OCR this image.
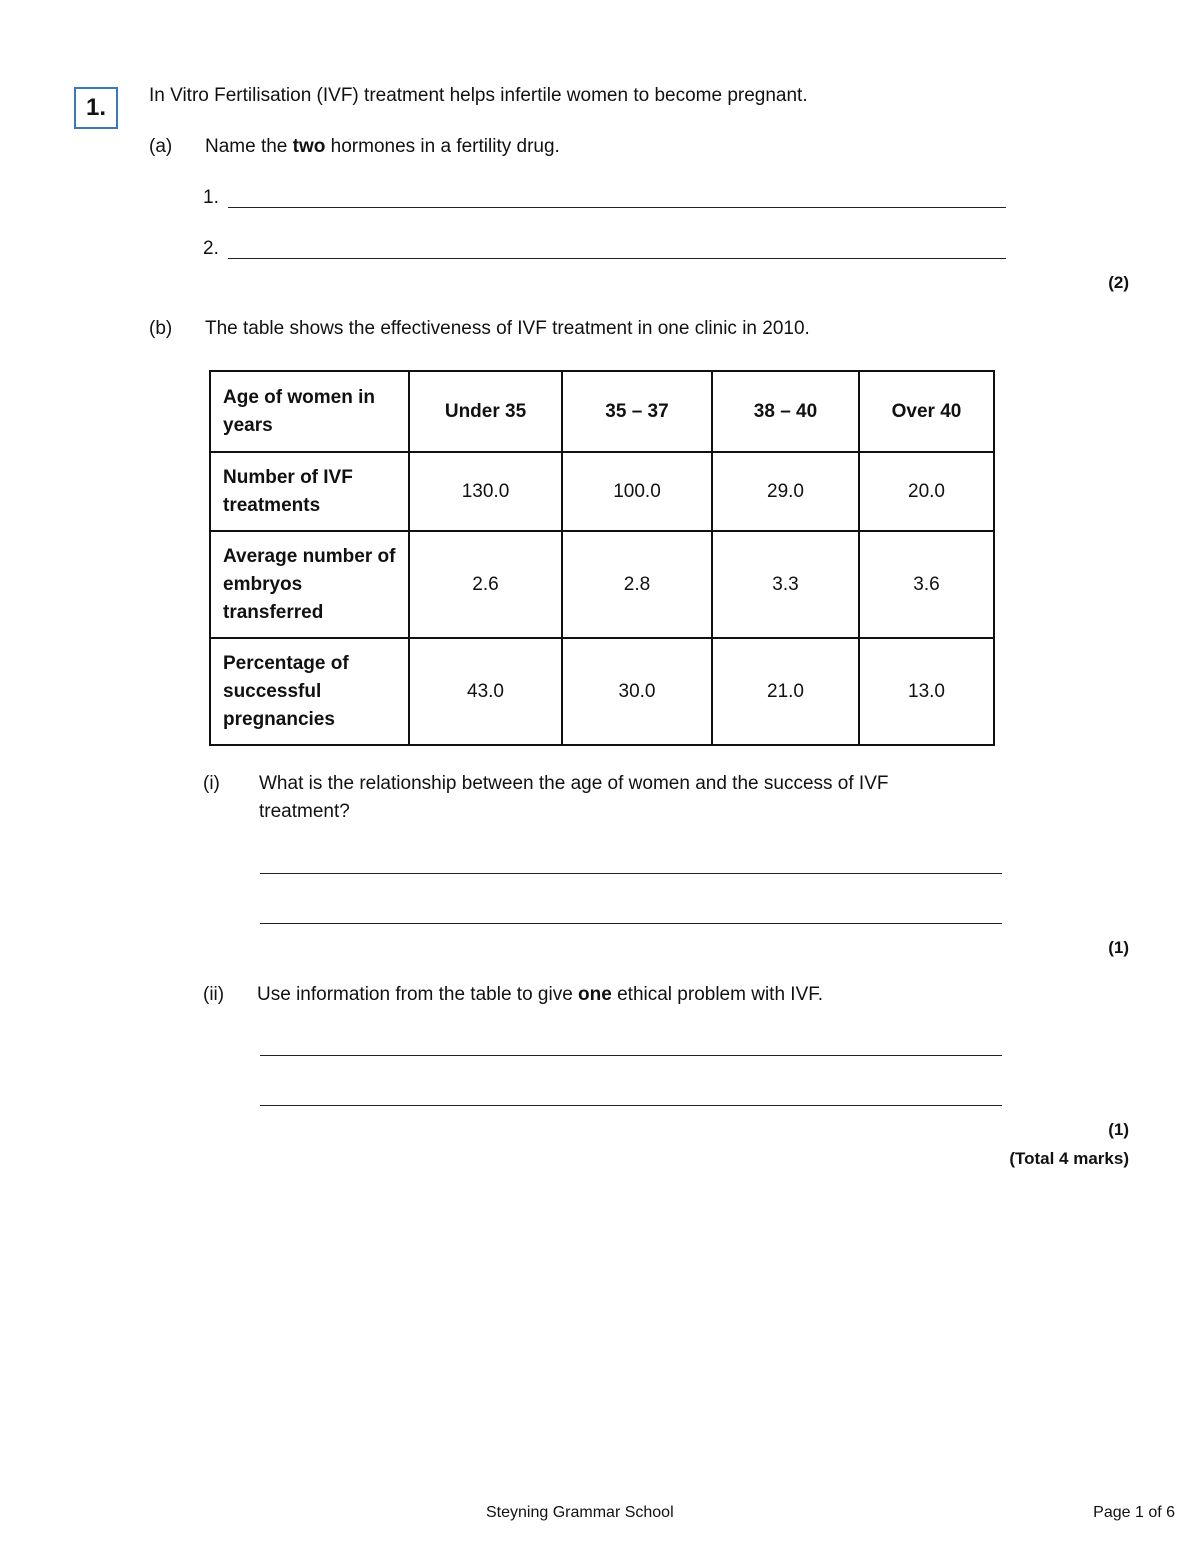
1.	In Vitro Fertilisation (IVF) treatment helps infertile women to become pregnant.
(a) Name the two hormones in a fertility drug.
1.
2.
(2)
(b) The table shows the effectiveness of IVF treatment in one clinic in 2010.
Age of women in years	Under 35	35 – 37	38 – 40	Over 40
Number of IVF treatments	130.0	100.0	29.0	20.0
Average number of embryos transferred	2.6	2.8	3.3	3.6
Percentage of successful pregnancies	43.0	30.0	21.0	13.0
(i) What is the relationship between the age of women and the success of IVF
treatment?
(1)
(ii) Use information from the table to give one ethical problem with IVF.
(1)
(Total 4 marks)
Steyning Grammar School	Page 1 of 6
